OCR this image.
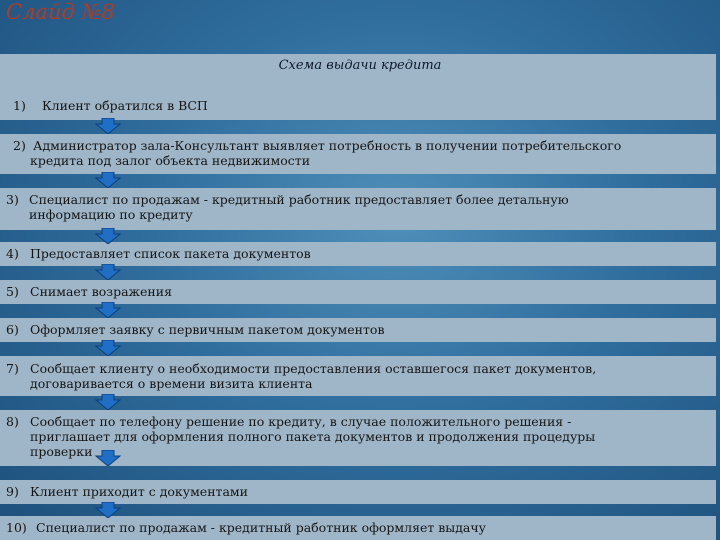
Слайд №8
Схема выдачи кредита
1) Клиент обратился в ВСП
2) Администратор зала-Консультант выявляет потребность в получении потребительского
кредита под залог объекта недвижимости
3) Специалист по продажам - кредитный работник предоставляет более детальную
информацию по кредиту
4) Предоставляет список пакета документов
5) Снимает возражения
6) Оформляет заявку с первичным пакетом документов
7) Сообщает клиенту о необходимости предоставления оставшегося пакет документов,
договаривается о времени визита клиента
8) Сообщает по телефону решение по кредиту, в случае положительного решения -
приглашает для оформления полного пакета документов и продолжения процедуры
проверки
9) Клиент приходит с документами
10) Специалист по продажам - кредитный работник оформляет выдачу
